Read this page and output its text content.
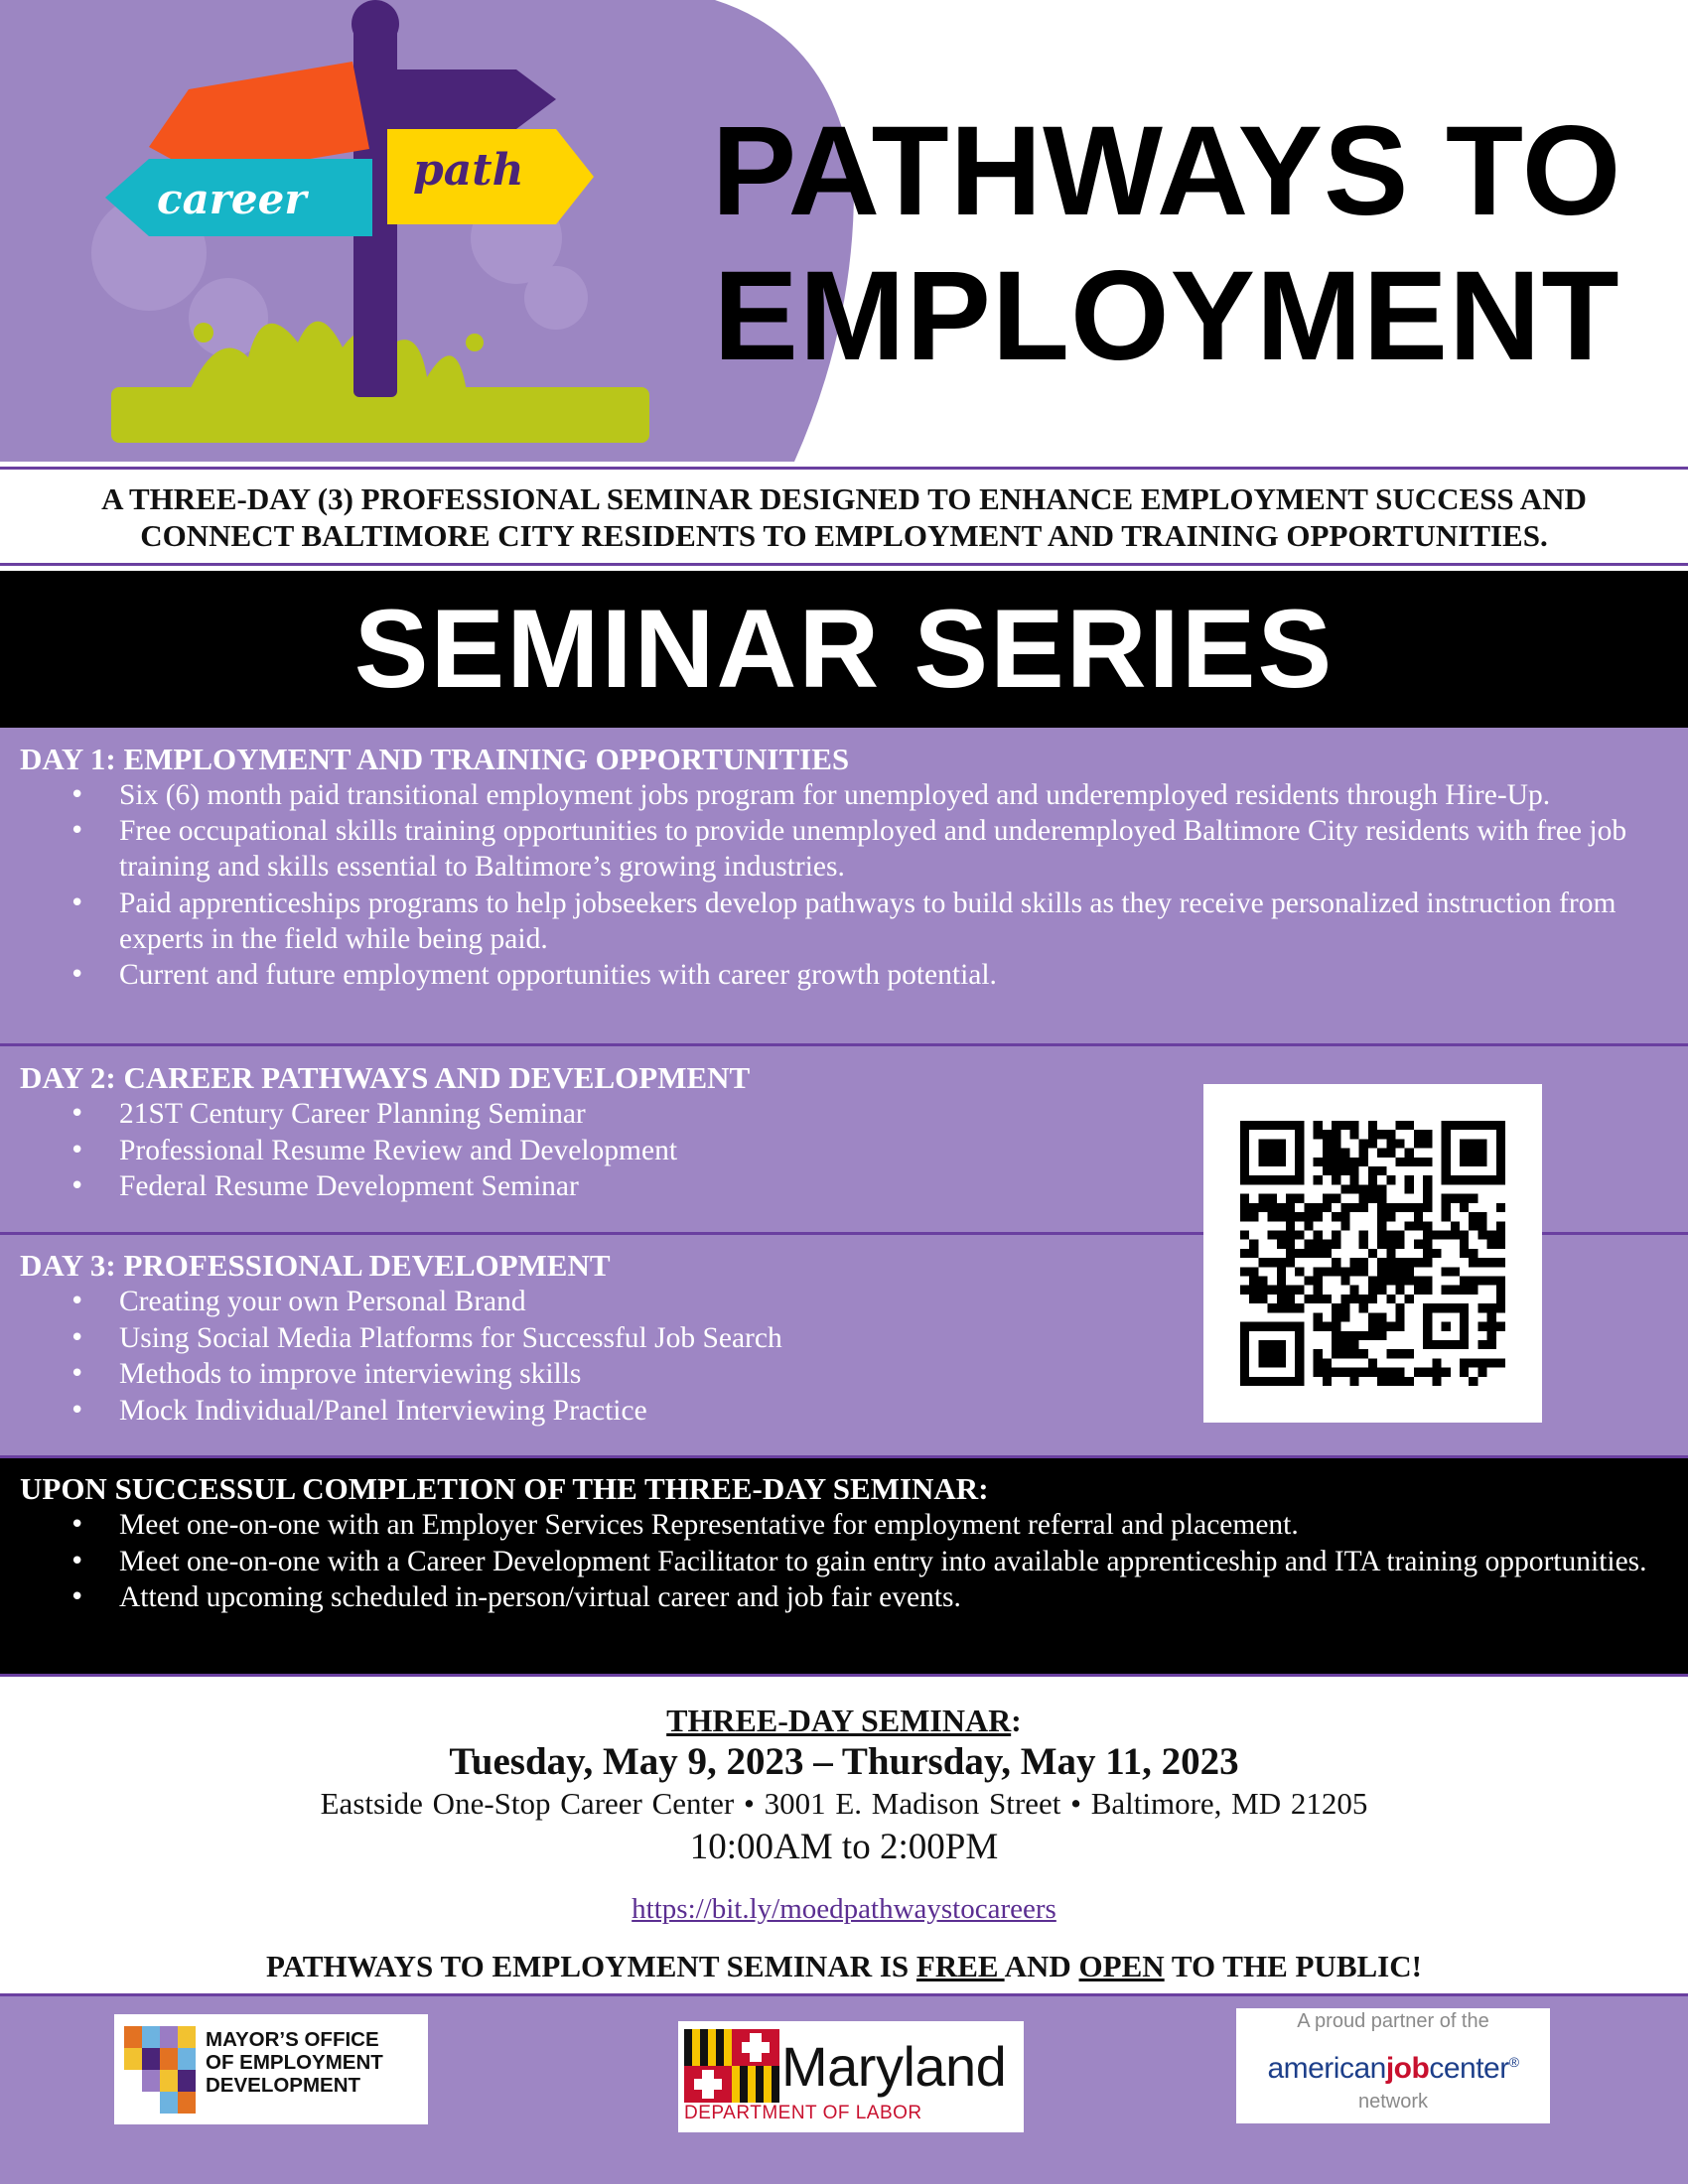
career
path	PATHWAYS TO
EMPLOYMENT
A THREE-DAY (3) PROFESSIONAL SEMINAR DESIGNED TO ENHANCE EMPLOYMENT SUCCESS AND
CONNECT BALTIMORE CITY RESIDENTS TO EMPLOYMENT AND TRAINING OPPORTUNITIES.
SEMINAR SERIES
DAY 1: EMPLOYMENT AND TRAINING OPPORTUNITIES
• Six (6) month paid transitional employment jobs program for unemployed and underemployed residents through Hire-Up.
• Free occupational skills training opportunities to provide unemployed and underemployed Baltimore City residents with free job training and skills essential to Baltimore’s growing industries.
• Paid apprenticeships programs to help jobseekers develop pathways to build skills as they receive personalized instruction from experts in the field while being paid.
• Current and future employment opportunities with career growth potential.
DAY 2: CAREER PATHWAYS AND DEVELOPMENT
• 21ST Century Career Planning Seminar
• Professional Resume Review and Development
• Federal Resume Development Seminar
DAY 3: PROFESSIONAL DEVELOPMENT
• Creating your own Personal Brand
• Using Social Media Platforms for Successful Job Search
• Methods to improve interviewing skills
• Mock Individual/Panel Interviewing Practice
UPON SUCCESSUL COMPLETION OF THE THREE-DAY SEMINAR:
• Meet one-on-one with an Employer Services Representative for employment referral and placement.
• Meet one-on-one with a Career Development Facilitator to gain entry into available apprenticeship and ITA training opportunities.
• Attend upcoming scheduled in-person/virtual career and job fair events.
THREE-DAY SEMINAR:
Tuesday, May 9, 2023 – Thursday, May 11, 2023
Eastside One-Stop Career Center • 3001 E. Madison Street • Baltimore, MD 21205
10:00AM to 2:00PM
https://bit.ly/moedpathwaystocareers
PATHWAYS TO EMPLOYMENT SEMINAR IS FREE AND OPEN TO THE PUBLIC!
MAYOR’S OFFICE
OF EMPLOYMENT
DEVELOPMENT	Maryland
DEPARTMENT OF LABOR
A proud partner of the
americanjobcenter®
network
